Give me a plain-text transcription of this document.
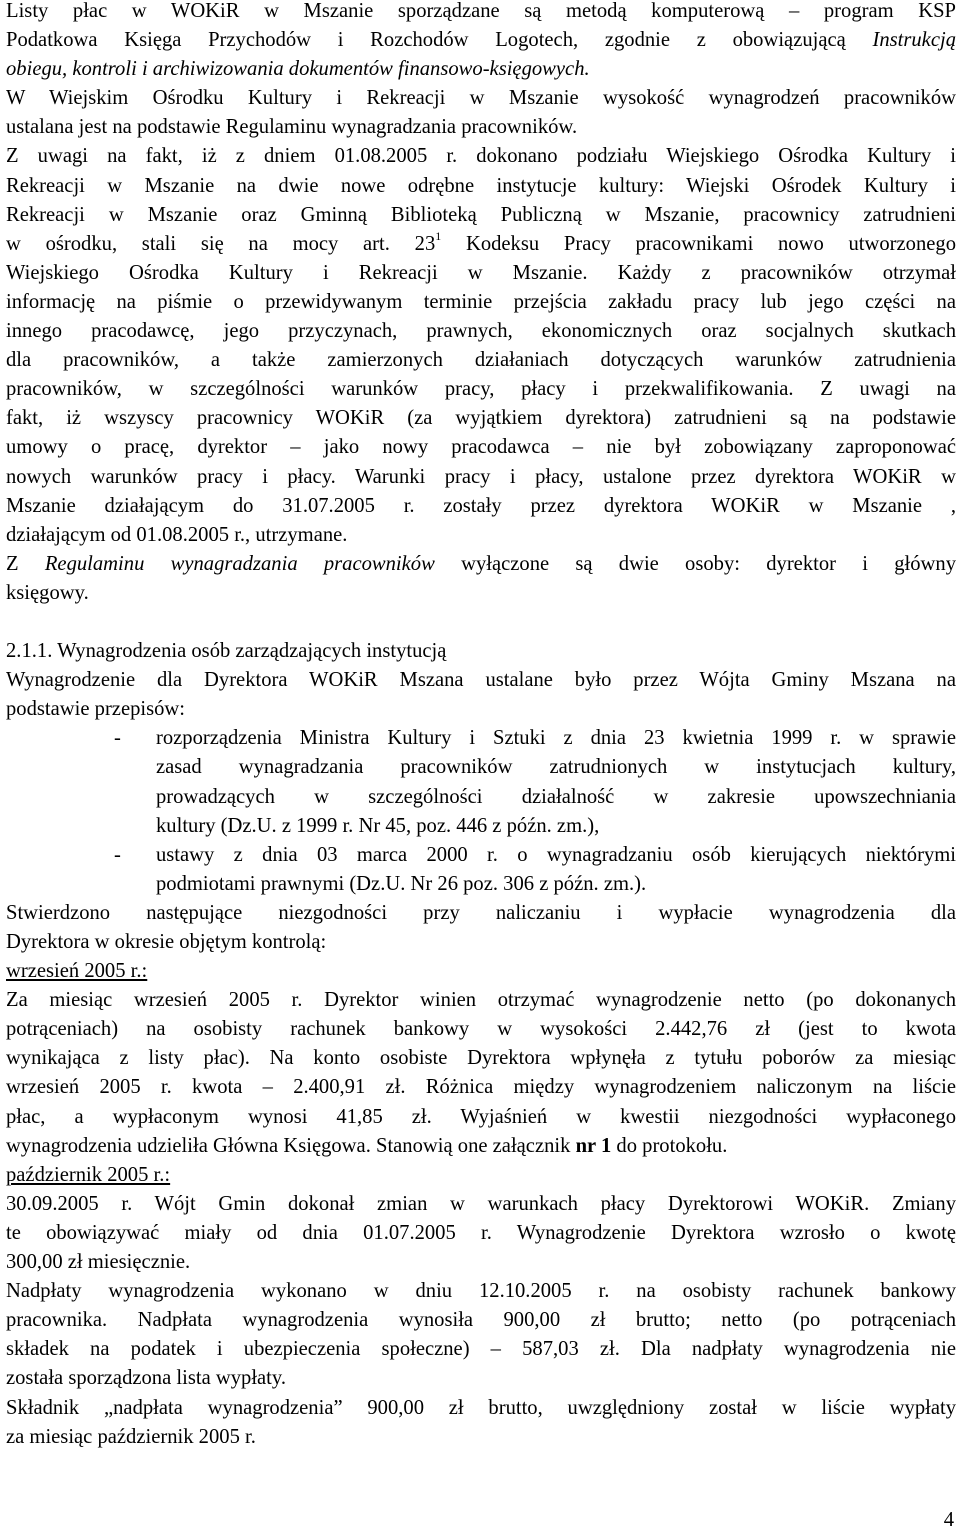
Listy płac w WOKiR w Mszanie sporządzane są metodą komputerową – program KSP
Podatkowa Księga Przychodów i Rozchodów Logotech, zgodnie z obowiązującą Instrukcją
obiegu, kontroli i archiwizowania dokumentów finansowo-księgowych.
W Wiejskim Ośrodku Kultury i Rekreacji w Mszanie wysokość wynagrodzeń pracowników
ustalana jest na podstawie Regulaminu wynagradzania pracowników.
Z uwagi na fakt, iż z dniem 01.08.2005 r. dokonano podziału Wiejskiego Ośrodka Kultury i
Rekreacji w Mszanie na dwie nowe odrębne instytucje kultury: Wiejski Ośrodek Kultury i
Rekreacji w Mszanie oraz Gminną Biblioteką Publiczną w Mszanie, pracownicy zatrudnieni
w ośrodku, stali się na mocy art. $23^1$ Kodeksu Pracy pracownikami nowo utworzonego
Wiejskiego Ośrodka Kultury i Rekreacji w Mszanie. Każdy z pracowników otrzymał
informację na piśmie o przewidywanym terminie przejścia zakładu pracy lub jego części na
innego pracodawcę, jego przyczynach, prawnych, ekonomicznych oraz socjalnych skutkach
dla pracowników, a także zamierzonych działaniach dotyczących warunków zatrudnienia
pracowników, w szczególności warunków pracy, płacy i przekwalifikowania. Z uwagi na
fakt, iż wszyscy pracownicy WOKiR (za wyjątkiem dyrektora) zatrudnieni są na podstawie
umowy o pracę, dyrektor – jako nowy pracodawca – nie był zobowiązany zaproponować
nowych warunków pracy i płacy. Warunki pracy i płacy, ustalone przez dyrektora WOKiR w
Mszanie działającym do 31.07.2005 r. zostały przez dyrektora WOKiR w Mszanie ,
działającym od 01.08.2005 r., utrzymane.
Z Regulaminu wynagradzania pracowników wyłączone są dwie osoby: dyrektor i główny
księgowy.
2.1.1. Wynagrodzenia osób zarządzających instytucją
Wynagrodzenie dla Dyrektora WOKiR Mszana ustalane było przez Wójta Gminy Mszana na
podstawie przepisów:
- rozporządzenia Ministra Kultury i Sztuki z dnia 23 kwietnia 1999 r. w sprawie
zasad wynagradzania pracowników zatrudnionych w instytucjach kultury,
prowadzących w szczególności działalność w zakresie upowszechniania
kultury (Dz.U. z 1999 r. Nr 45, poz. 446 z późn. zm.),
- ustawy z dnia 03 marca 2000 r. o wynagradzaniu osób kierujących niektórymi
podmiotami prawnymi (Dz.U. Nr 26 poz. 306 z późn. zm.).
Stwierdzono następujące niezgodności przy naliczaniu i wypłacie wynagrodzenia dla
Dyrektora w okresie objętym kontrolą:
wrzesień 2005 r.:
Za miesiąc wrzesień 2005 r. Dyrektor winien otrzymać wynagrodzenie netto (po dokonanych
potrąceniach) na osobisty rachunek bankowy w wysokości 2.442,76 zł (jest to kwota
wynikająca z listy płac). Na konto osobiste Dyrektora wpłynęła z tytułu poborów za miesiąc
wrzesień 2005 r. kwota – 2.400,91 zł. Różnica między wynagrodzeniem naliczonym na liście
płac, a wypłaconym wynosi 41,85 zł. Wyjaśnień w kwestii niezgodności wypłaconego
wynagrodzenia udzieliła Główna Księgowa. Stanowią one załącznik nr 1 do protokołu.
październik 2005 r.:
30.09.2005 r. Wójt Gmin dokonał zmian w warunkach płacy Dyrektorowi WOKiR. Zmiany
te obowiązywać miały od dnia 01.07.2005 r. Wynagrodzenie Dyrektora wzrosło o kwotę
300,00 zł miesięcznie.
Nadpłaty wynagrodzenia wykonano w dniu 12.10.2005 r. na osobisty rachunek bankowy
pracownika. Nadpłata wynagrodzenia wynosiła 900,00 zł brutto; netto (po potrąceniach
składek na podatek i ubezpieczenia społeczne) – 587,03 zł. Dla nadpłaty wynagrodzenia nie
została sporządzona lista wypłaty.
Składnik „nadpłata wynagrodzenia” 900,00 zł brutto, uwzględniony został w liście wypłaty
za miesiąc październik 2005 r.
4
